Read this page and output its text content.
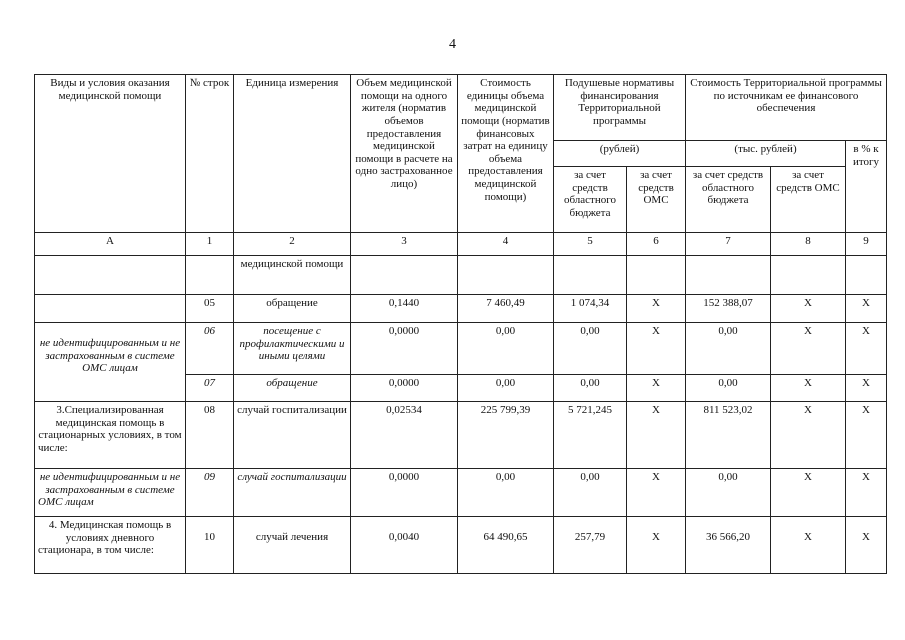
4
Виды и условия оказания медицинской помощи	№ строк	Единица измерения	Объем медицинской помощи на одного жителя (норматив объемов предоставления медицинской помощи в расчете на одно застрахованное лицо)	Стоимость единицы объема медицинской помощи (норматив финансовых затрат на единицу объема предоставления медицинской помощи)	Подушевые нормативы финансирования Территориальной программы		Стоимость Территориальной программы по источникам ее финансового обеспечения		
					(рублей)		(тыс. рублей)		в % к итогу
					за счет средств областного бюджета	за счет средств ОМС	за счет средств областного бюджета	за счет средств ОМС	
А	1	2	3	4	5	6	7	8	9
		медицинской помощи							
	05	обращение	0,1440	7 460,49	1 074,34	Х	152 388,07	Х	Х
не идентифицированным и не застрахованным в системе ОМС лицам	06	посещение с профилактическими и иными целями	0,0000	0,00	0,00	Х	0,00	Х	Х
	07	обращение	0,0000	0,00	0,00	Х	0,00	Х	Х
3.Специализированная медицинская помощь в стационарных условиях, в том числе:	08	случай госпитализации	0,02534	225 799,39	5 721,245	Х	811 523,02	Х	Х
не идентифицированным и не застрахованным в системе ОМС лицам	09	случай госпитализации	0,0000	0,00	0,00	Х	0,00	Х	Х
4. Медицинская помощь в условиях дневного стационара, в том числе:	10	случай лечения	0,0040	64 490,65	257,79	Х	36 566,20	Х	Х
